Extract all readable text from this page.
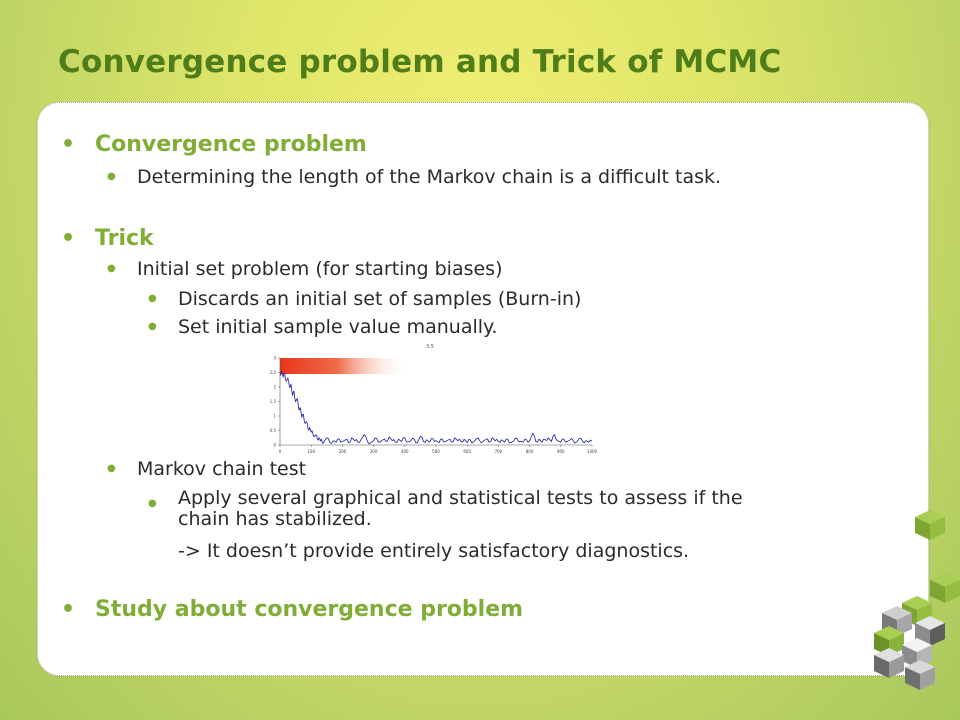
Convergence problem and Trick of MCMC
• Convergence problem
● Determining the length of the Markov chain is a difficult task.
• Trick
● Initial set problem (for starting biases)
● Discards an initial set of samples (Burn-in)
● Set initial sample value manually.
3.5
0	100	200	300	400	500	600	700	800	900	1000
0
0.5
1
1.5
2
2.5
3
● Markov chain test
● Apply several graphical and statistical tests to assess if the
chain has stabilized.
-> It doesn’t provide entirely satisfactory diagnostics.
• Study about convergence problem
